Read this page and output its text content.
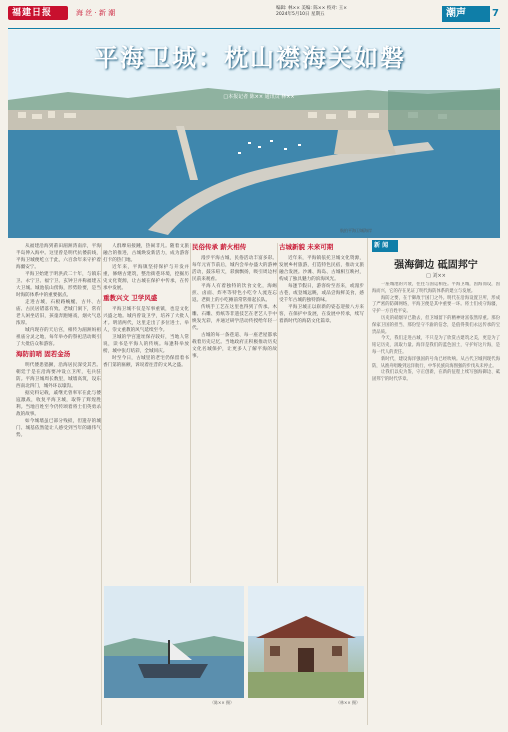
福建日报	海 丝 · 新 潮
编辑: 林×× 美编: 陈×× 校对: 王×
2024年5月10日 星期五	潮声	7
平海卫城：枕山襟海关如磐
□本报记者 陈×× 通讯员 林××
航拍平海卫城海岸

从福建沿海到莆田湄洲湾南岸，平海半岛伸入海中。这里曾是明代抗倭前线，平海卫城便屹立于此，六百余年来守护着海疆安宁。

平海卫始建于明洪武二十年，与镇东卫、永宁卫、福宁卫、玄钟卫并称福建五大卫城。城池依山傍海，形势险要，是当时海防体系中的重要据点。

走进古城，石板路蜿蜒，古井、古庙、古民居错落有致。老城门洞下，常有老人闲坐话旧，孩童奔跑嬉戏，烟火气息浓厚。

城内现存的天后宫，相传为湄洲妈祖祖庙分灵之地，每年举办的祭祀活动吸引了大批信众和游客。

海防前哨 固若金汤

明代倭患猖獗，沿海居民深受其苦。朝廷于是在沿海要冲设立卫所，屯兵驻防。平海卫城周长数里，城墙高筑，设东西南北四门，城外环以壕沟。

据史料记载，戚继光曾率军在此与倭寇激战，收复平海卫城，取得了辉煌胜利。当地百姓至今仍传颂着将士们英勇杀敌的故事。

如今城墙虽已部分残损，但遗存的城门、城基依然能让人感受到当年的雄伟气势。

人群摩肩接踵，热闹非凡。随着文旅融合的推进，古城焕发新活力，成为游客打卡的热门地。

近年来，平海镇坚持保护与开发并重，修缮古建筑，整治街巷环境，挖掘历史文化资源，让古城在保护中传承，在传承中发展。

重教兴文 卫学风盛

平海卫城不仅是军事重镇，也是文化兴盛之地。城内曾设卫学，培养了大批人才。明清两代，这里走出了多位进士、举人，崇文重教的风气延续至今。

卫城的学宫遗址保存较好，当地人常说，读书是平海人的传统。每逢科举放榜，城中张灯结彩，全城同庆。

时至今日，古城里的老宅仍保留着书香门第的匾额，诉说着往昔的文风之盛。

民俗传承 薪火相传

漫步平海古城，民俗活动丰富多彩。每年元宵节前后，城内会举办盛大的游神活动，鼓乐喧天，彩旗飘扬，吸引周边村民前来观看。

平海人有着独特的饮食文化，海蛎煎、卤面、炸枣等特色小吃令人流连忘返。老街上的小吃摊前常常排起长队。

传统手工艺在这里也得到了传承。木雕、石雕、剪纸等非遗技艺在老艺人手中焕发光彩，并通过研学活动传授给年轻一代。

古城的每一条巷道、每一座老屋都承载着历史记忆。当地政府正积极推动历史文化名城保护，让更多人了解平海的故事。

古城新貌 未来可期

近年来，平海镇依托卫城文化资源，发展乡村旅游，打造特色民宿，推动文旅融合发展。沙滩、海岛、古城相互映衬，构成了独具魅力的滨海风光。

每逢节假日，游客纷至沓来，或漫步古巷，或登城远眺，或品尝海鲜美食，感受千年古城的独特韵味。

平海卫城正以崭新的姿态迎接八方来客，在保护中发展，在发展中传承，续写着新时代的海防文化篇章。

新 闻
强海御边 砥固邦宁
□ 刘××

一座城池的兴衰，往往与国运相连。平海卫城，因海而设，因海而兴，它的存在见证了明代海防体系的建立与发展。

海防之要，在于御敌于国门之外。明代在沿海设置卫所，形成了严密的防御网络，平海卫便是其中重要一环。将士们戍守海疆，守护一方百姓平安。

历史的硝烟早已散去，但卫城留下的精神财富依然厚重。那份保家卫国的担当、那份坚守不渝的信念，是值得我们永远传承的宝贵品质。

今天，我们走进古城，不只是为了欣赏古建筑之美，更是为了铭记历史、汲取力量。海洋是我们的蓝色国土，守护好这片海，是每一代人的责任。

新时代，建设海洋强国的号角已经吹响。从古代卫城到现代海防，从渔舟唱晚到远洋航行，中华民族向海图强的步伐从未停止。

让我们以史为鉴，守正创新，在新的征程上续写强海御边、砥固邦宁的时代华章。

（陈×× 摄）	（林×× 摄）
